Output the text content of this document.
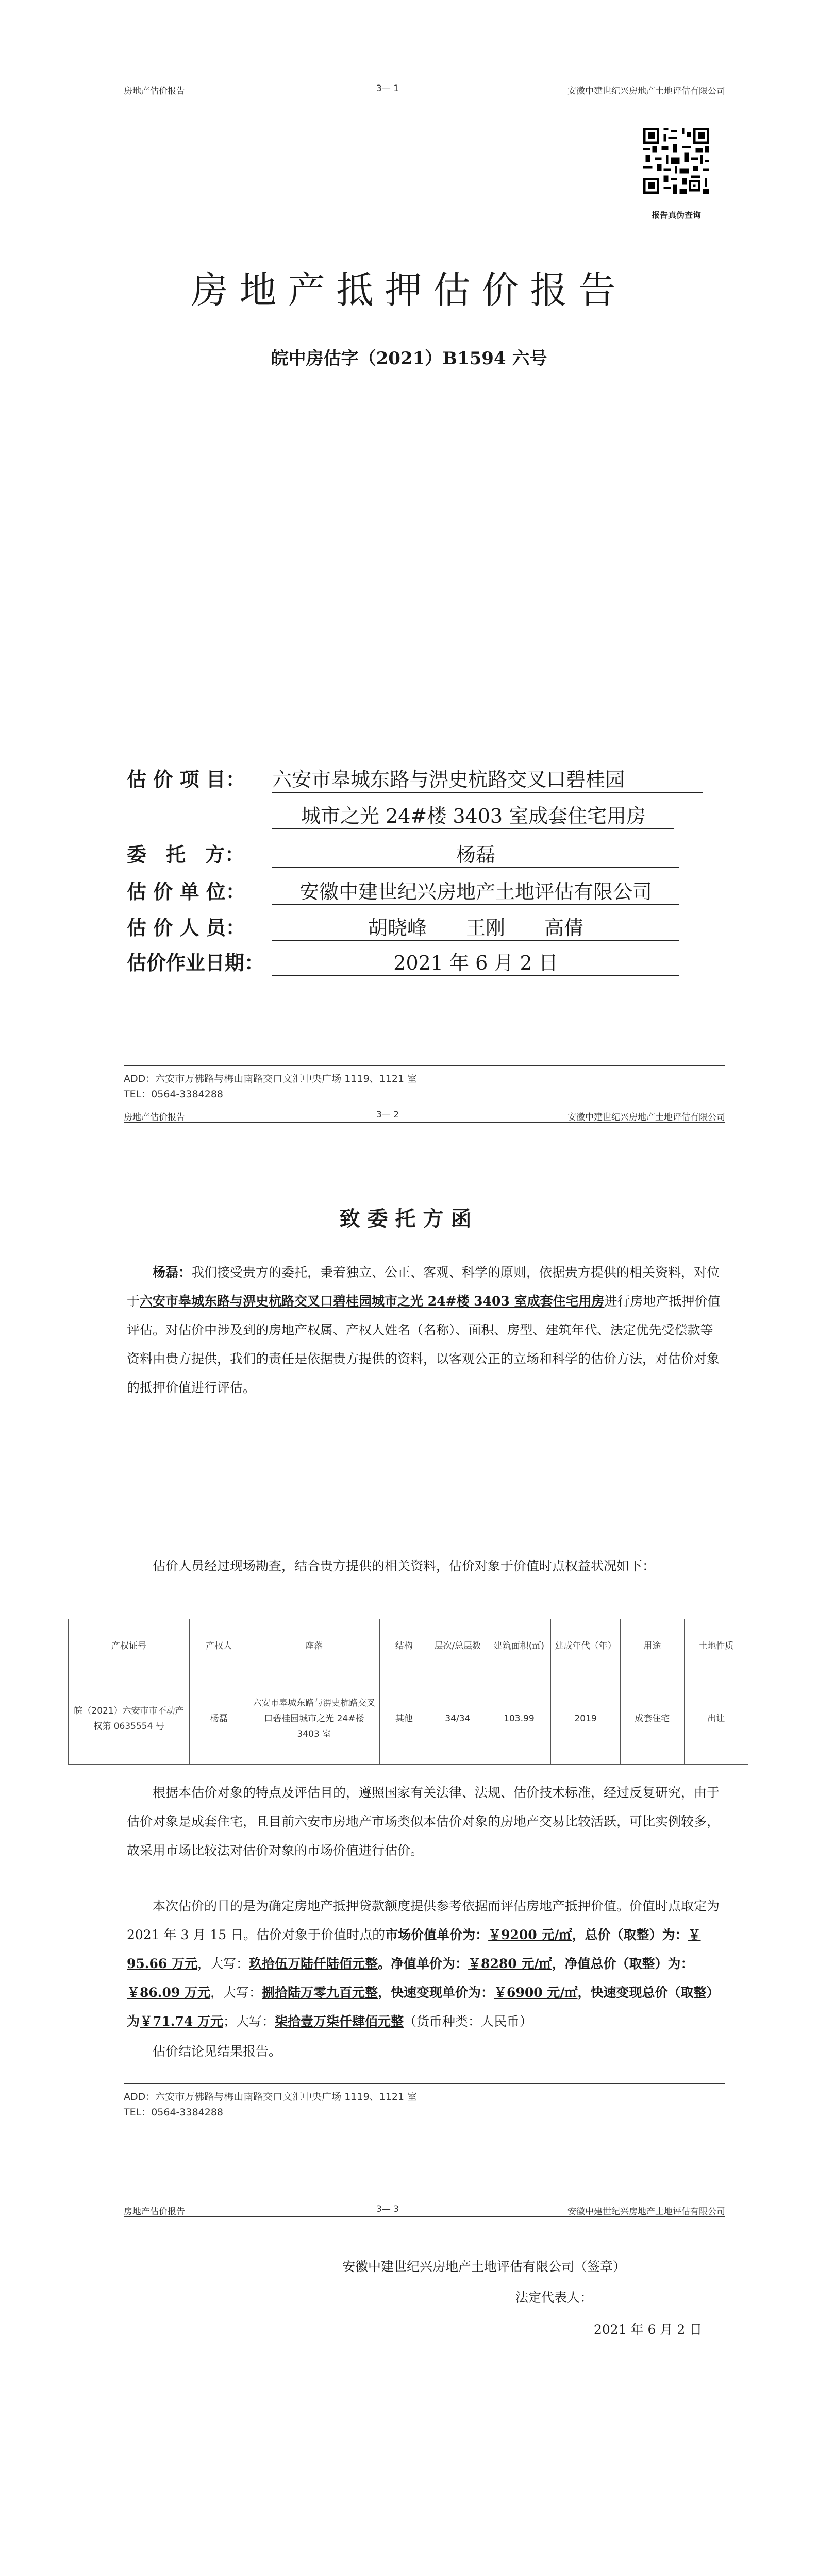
房地产估价报告	3— 1	安徽中建世纪兴房地产土地评估有限公司
报告真伪查询
房地产抵押估价报告
皖中房估字（2021）B1594 六号
估 价 项 目： 六安市皋城东路与淠史杭路交叉口碧桂园
城市之光 24#楼 3403 室成套住宅用房
委　托　方：	杨磊
估 价 单 位：	安徽中建世纪兴房地产土地评估有限公司
估 价 人 员：	胡晓峰　　王刚　　高倩
估价作业日期：	2021 年 6 月 2 日
ADD：六安市万佛路与梅山南路交口文汇中央广场 1119、1121 室
TEL：0564-3384288
房地产估价报告	3— 2	安徽中建世纪兴房地产土地评估有限公司
致委托方函
杨磊：我们接受贵方的委托，秉着独立、公正、客观、科学的原则，依据贵方提供的相关资料，对位于六安市皋城东路与淠史杭路交叉口碧桂园城市之光 24#楼 3403 室成套住宅用房进行房地产抵押价值评估。对估价中涉及到的房地产权属、产权人姓名（名称）、面积、房型、建筑年代、法定优先受偿款等资料由贵方提供，我们的责任是依据贵方提供的资料，以客观公正的立场和科学的估价方法，对估价对象的抵押价值进行评估。
估价人员经过现场勘查，结合贵方提供的相关资料，估价对象于价值时点权益状况如下：
产权证号	产权人	座落	结构	层次/总层数	建筑面积(㎡)	建成年代（年）	用途	土地性质
皖（2021）六安市市不动产权第 0635554 号	杨磊	六安市皋城东路与淠史杭路交叉口碧桂园城市之光 24#楼 3403 室	其他	34/34	103.99	2019	成套住宅	出让
根据本估价对象的特点及评估目的，遵照国家有关法律、法规、估价技术标准，经过反复研究，由于估价对象是成套住宅，且目前六安市房地产市场类似本估价对象的房地产交易比较活跃，可比实例较多，故采用市场比较法对估价对象的市场价值进行估价。
本次估价的目的是为确定房地产抵押贷款额度提供参考依据而评估房地产抵押价值。价值时点取定为 2021 年 3 月 15 日。估价对象于价值时点的市场价值单价为：￥9200 元/㎡，总价（取整）为：￥ 95.66 万元，大写：玖拾伍万陆仟陆佰元整。净值单价为：￥8280 元/㎡，净值总价（取整）为：￥86.09 万元，大写：捌拾陆万零九百元整，快速变现单价为：￥6900 元/㎡，快速变现总价（取整）为￥71.74 万元；大写：柒拾壹万柒仟肆佰元整（货币种类：人民币）
估价结论见结果报告。
ADD：六安市万佛路与梅山南路交口文汇中央广场 1119、1121 室
TEL：0564-3384288
房地产估价报告	3— 3	安徽中建世纪兴房地产土地评估有限公司
安徽中建世纪兴房地产土地评估有限公司（签章）
法定代表人：
2021 年 6 月 2 日
